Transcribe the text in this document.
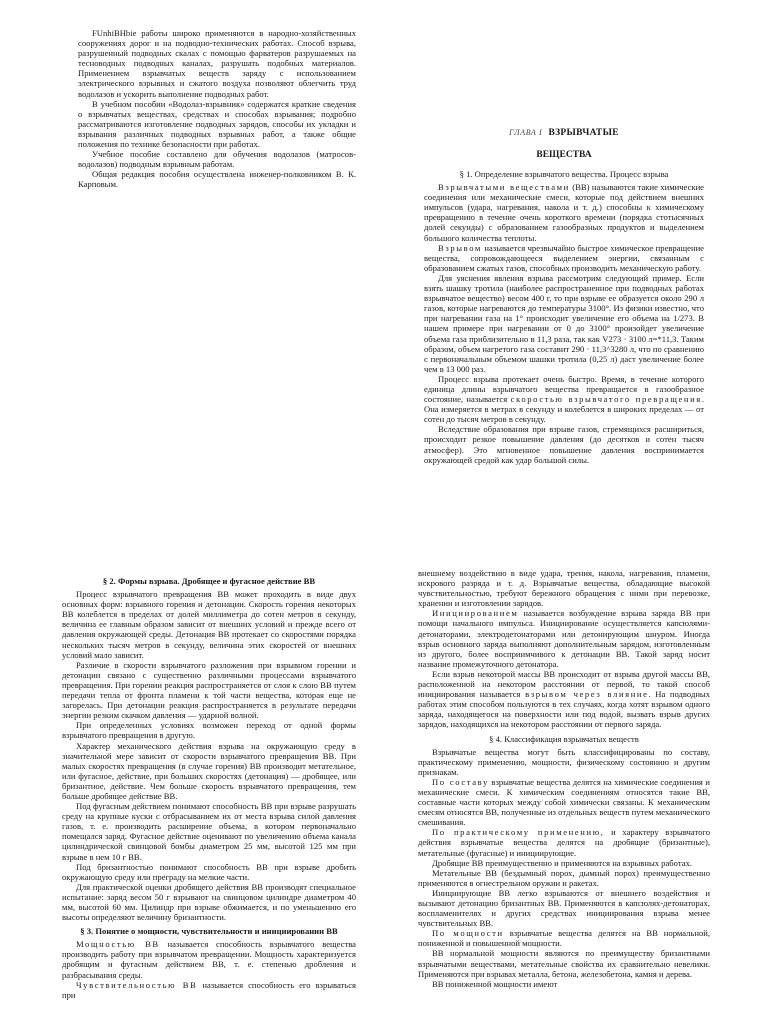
FUnhiBHbie работы широко применяются в народно-хозяйственных сооружениях дорог и на подводно-технических работах. Способ взрыва, разрушенный подводных скалах с помощью фарватеров разрушаемых на тесноводных подводных каналах, разрушать подобных материалов. Применением взрывчатых веществ заряду с использованием электрического взрывных и сжатого воздуха позволяют облегчить труд водолазов и ускорить выполнение подводных работ.

В учебном пособии «Водолаз-взрывник» содержатся краткие сведения о взрывчатых веществах, средствах и способах взрывания; подробно рассматриваются изготовление подводных зарядов, способы их укладки и взрывания различных подводных взрывных работ, а также общие положения по технике безопасности при работах.

Учебное пособие составлено для обучения водолазов (матросов-водолазов) подводным взрывным работам.

Общая редакция пособия осуществлена инженер-полковником В. К. Карповым.

ГЛАВА I ВЗРЫВЧАТЫЕ
ВЕЩЕСТВА

§ 1. Определение взрывчатого вещества. Процесс взрыва

Взрывчатыми веществами (ВВ) называются такие химические соединения или механические смеси, которые под действием внешних импульсов (удара, нагревания, накола и т. д.) способны к химическому превращению в течение очень короткого времени (порядка стотысячных долей секунды) с образованием газообразных продуктов и выделением большого количества теплоты.

Взрывом называется чрезвычайно быстрое химическое превращение вещества, сопровождающееся выделением энергии, связанным с образованием сжатых газов, способных производить механическую работу.

Для уяснения явления взрыва рассмотрим следующий пример. Если взять шашку тротила (наиболее распространенное при подводных работах взрывчатое вещество) весом 400 г, то при взрыве ее образуется около 290 л газов, которые нагреваются до температуры 3100°. Из физики известно, что при нагревании газа на 1° происходит увеличение его объема на 1/273. В нашем примере при нагревании от 0 до 3100° произойдет увеличение объема газа приблизительно в 11,3 раза, так как V273 · 3100 л=*11,3. Таким образом, объем нагретого газа составит 290 · 11,3^3280 л, что по сравнению с первоначальным объемом шашки тротила (0,25 л) даст увеличение более чем в 13 000 раз.

Процесс взрыва протекает очень быстро. Время, в течение которого единица длины взрывчатого вещества превращается в газообразное состояние, называется скоростью взрывчатого превращения. Она измеряется в метрах в секунду и колеблется в широких пределах — от сотен до тысяч метров в секунду.

Вследствие образования при взрыве газов, стремящихся расшириться, происходит резкое повышение давления (до десятков и сотен тысяч атмосфер). Это мгновенное повышение давления воспринимается окружающей средой как удар большой силы.

§ 2. Формы взрыва. Дробящее и фугасное действие ВВ

Процесс взрывчатого превращения ВВ может проходить в виде двух основных форм: взрывного горения и детонации. Скорость горения некоторых ВВ колеблется в пределах от долей миллиметра до сотен метров в секунду, величина ее главным образом зависит от внешних условий и прежде всего от давления окружающей среды. Детонация ВВ протекает со скоростями порядка нескольких тысяч метров в секунду, величина этих скоростей от внешних условий мало зависит.

Различие в скорости взрывчатого разложения при взрывном горении и детонации связано с существенно различными процессами взрывчатого превращения. При горении реакция распространяется от слоя к слою ВВ путем передачи тепла от фронта пламени к той части вещества, которая еще не загорелась. При детонации реакция распространяется в результате передачи энергии резким скачком давления — ударной волной.

При определенных условиях возможен переход от одной формы взрывчатого превращения в другую.

Характер механического действия взрыва на окружающую среду в значительной мере зависит от скорости взрывчатого превращения ВВ. При малых скоростях превращения (в случае горения) ВВ производит метательное, или фугасное, действие, при больших скоростях (детонация) — дробящее, или бризантное, действие. Чем больше скорость взрывчатого превращения, тем больше дробящее действие ВВ.

Под фугасным действием понимают способность ВВ при взрыве разрушать среду на крупные куски с отбрасыванием их от места взрыва силой давления газов, т. е. производить расширение объема, в котором первоначально помещался заряд. Фугасное действие оценивают по увеличению объема канала цилиндрической свинцовой бомбы диаметром 25 мм, высотой 125 мм при взрыве в нем 10 г ВВ.

Под бризантностью понимают способность ВВ при взрыве дробить окружающую среду или преграду на мелкие части.

Для практической оценки дробящего действия ВВ производят специальное испытание: заряд весом 50 г взрывают на свинцовом цилиндре диаметром 40 мм, высотой 60 мм. Цилиндр при взрыве обжимается, и по уменьшению его высоты определяют величину бризантности.

§ 3. Понятие о мощности, чувствительности и инициировании ВВ

Мощностью ВВ называется способность взрывчатого вещества производить работу при взрывчатом превращении. Мощность характеризуется дробящим и фугасным действием ВВ, т. е. степенью дробления и разбрасывания среды.

Чувствительностью ВВ называется способность его взрываться при

внешнему воздействию в виде удара, трения, накола, нагревания, пламени, искрового разряда и т. д. Взрывчатые вещества, обладающие высокой чувствительностью, требуют бережного обращения с ними при перевозке, хранении и изготовлении зарядов.

Инициированием называется возбуждение взрыва заряда ВВ при помощи начального импульса. Инициирование осуществляется капсюлями-детонаторами, электродетонаторами или детонирующим шнуром. Иногда взрыв основного заряда выполняют дополнительным зарядом, изготовленным из другого, более восприимчивого к детонации ВВ. Такой заряд носит название промежуточного детонатора.

Если взрыв некоторой массы ВВ происходит от взрыва другой массы ВВ, расположенной на некотором расстоянии от первой, то такой способ инициирования называется взрывом через влияние. На подводных работах этим способом пользуются в тех случаях, когда хотят взрывом одного заряда, находящегося на поверхности или под водой, вызвать взрыв других зарядов, находящихся на некотором расстоянии от первого заряда.

§ 4. Классификация взрывчатых веществ

Взрывчатые вещества могут быть классифицированы по составу, практическому применению, мощности, физическому состоянию и другим признакам.

По составу взрывчатые вещества делятся на химические соединения и механические смеси. К химическим соединениям относятся такие ВВ, составные части которых между собой химически связаны. К механическим смесям относятся ВВ, полученные из отдельных веществ путем механического смешивания.

По практическому применению, и характеру взрывчатого действия взрывчатые вещества делятся на дробящие (бризантные), метательные (фугасные) и инициирующие.

Дробящие ВВ преимущественно и применяются на взрывных работах.

Метательные ВВ (бездымный порох, дымный порох) преимущественно применяются в огнестрельном оружии и ракетах.

Инициирующие ВВ легко взрываются от внешнего воздействия и вызывают детонацию бризантных ВВ. Применяются в капсюлях-детонаторах, воспламенителях и других средствах инициирования взрыва менее чувствительных ВВ.

По мощности взрывчатые вещества делятся на ВВ нормальной, пониженной и повышенной мощности.

ВВ нормальной мощности являются по преимуществу бризантными взрывчатыми веществами, метательные свойства их сравнительно невелики. Применяются при взрывах металла, бетона, железобетона, камня и дерева.

ВВ пониженной мощности имеют
